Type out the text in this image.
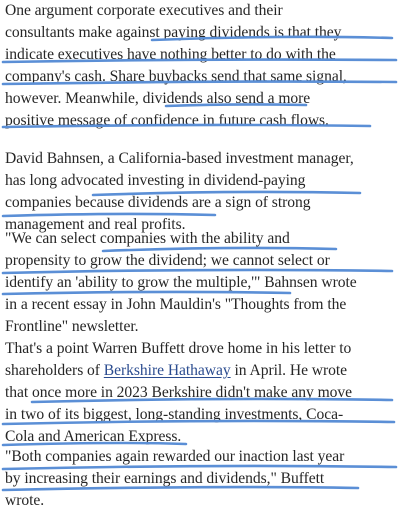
One argument corporate executives and their
consultants make against paying dividends is that they
indicate executives have nothing better to do with the
company's cash. Share buybacks send that same signal,
however. Meanwhile, dividends also send a more
positive message of confidence in future cash flows.

David Bahnsen, a California-based investment manager,
has long advocated investing in dividend-paying
companies because dividends are a sign of strong
management and real profits.

"We can select companies with the ability and
propensity to grow the dividend; we cannot select or
identify an 'ability to grow the multiple,'" Bahnsen wrote
in a recent essay in John Mauldin's "Thoughts from the
Frontline" newsletter.

That's a point Warren Buffett drove home in his letter to
shareholders of Berkshire Hathaway in April. He wrote
that once more in 2023 Berkshire didn't make any move
in two of its biggest, long-standing investments, Coca-
Cola and American Express.

"Both companies again rewarded our inaction last year
by increasing their earnings and dividends," Buffett
wrote.
